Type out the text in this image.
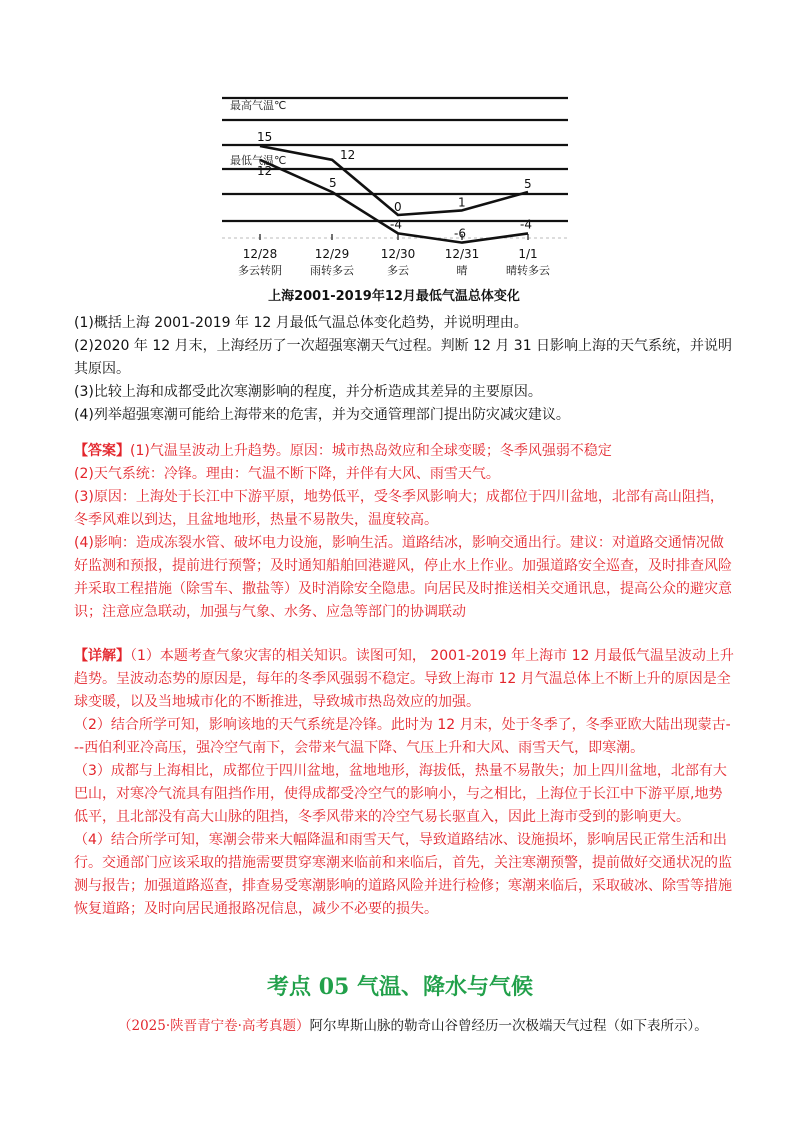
最高气温℃
最低气温℃
15
12
0	1
5
12
5
-4
-6
-4
12/28	12/29	12/30 12/31	1/1
多云转阴	雨转多云	多云	晴	晴转多云
上海2001-2019年12月最低气温总体变化

(1)概括上海 2001-2019 年 12 月最低气温总体变化趋势，并说明理由。

(2)2020 年 12 月末，上海经历了一次超强寒潮天气过程。判断 12 月 31 日影响上海的天气系统，并说明其原因。

(3)比较上海和成都受此次寒潮影响的程度，并分析造成其差异的主要原因。

(4)列举超强寒潮可能给上海带来的危害，并为交通管理部门提出防灾减灾建议。

【答案】(1)气温呈波动上升趋势。原因：城市热岛效应和全球变暖；冬季风强弱不稳定

(2)天气系统：冷锋。理由：气温不断下降，并伴有大风、雨雪天气。

(3)原因：上海处于长江中下游平原，地势低平，受冬季风影响大；成都位于四川盆地，北部有高山阻挡，冬季风难以到达，且盆地地形，热量不易散失，温度较高。

(4)影响：造成冻裂水管、破坏电力设施，影响生活。道路结冰，影响交通出行。建议：对道路交通情况做好监测和预报，提前进行预警；及时通知船舶回港避风，停止水上作业。加强道路安全巡查，及时排查风险并采取工程措施（除雪车、撒盐等）及时消除安全隐患。向居民及时推送相关交通讯息，提高公众的避灾意识；注意应急联动，加强与气象、水务、应急等部门的协调联动

【详解】（1）本题考查气象灾害的相关知识。读图可知， 2001-2019 年上海市 12 月最低气温呈波动上升趋势。呈波动态势的原因是，每年的冬季风强弱不稳定。导致上海市 12 月气温总体上不断上升的原因是全球变暖，以及当地城市化的不断推进，导致城市热岛效应的加强。

（2）结合所学可知，影响该地的天气系统是冷锋。此时为 12 月末，处于冬季了，冬季亚欧大陆出现蒙古---西伯利亚冷高压，强冷空气南下，会带来气温下降、气压上升和大风、雨雪天气，即寒潮。

（3）成都与上海相比，成都位于四川盆地，盆地地形，海拔低，热量不易散失；加上四川盆地，北部有大巴山，对寒冷气流具有阻挡作用，使得成都受冷空气的影响小，与之相比，上海位于长江中下游平原,地势低平，且北部没有高大山脉的阻挡，冬季风带来的冷空气易长驱直入，因此上海市受到的影响更大。

（4）结合所学可知，寒潮会带来大幅降温和雨雪天气，导致道路结冰、设施损坏，影响居民正常生活和出行。交通部门应该采取的措施需要贯穿寒潮来临前和来临后，首先，关注寒潮预警，提前做好交通状况的监测与报告；加强道路巡查，排查易受寒潮影响的道路风险并进行检修；寒潮来临后，采取破冰、除雪等措施恢复道路；及时向居民通报路况信息，减少不必要的损失。

考点 05 气温、降水与气候
（2025·陕晋青宁卷·高考真题）阿尔卑斯山脉的勒奇山谷曾经历一次极端天气过程（如下表所示）。
